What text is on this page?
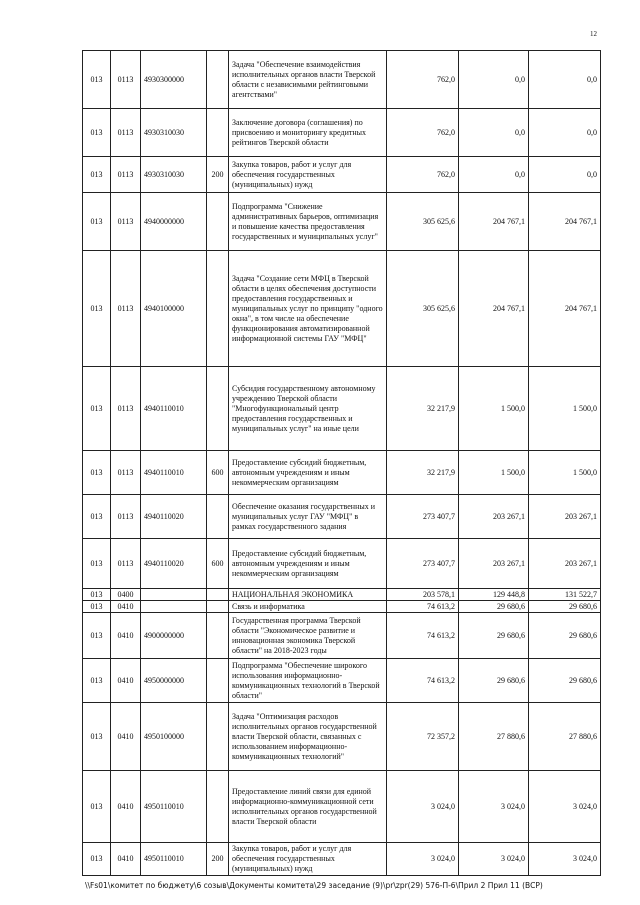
12
013	0113	4930300000		Задача "Обеспечение взаимодействия исполнительных органов власти Тверской области с независимыми рейтинговыми агентствами"	762,0	0,0	0,0
013	0113	4930310030		Заключение договора (соглашения) по присвоению и мониторингу кредитных рейтингов Тверской области	762,0	0,0	0,0
013	0113	4930310030	200	Закупка товаров, работ и услуг для обеспечения государственных (муниципальных) нужд	762,0	0,0	0,0
013	0113	4940000000		Подпрограмма "Снижение административных барьеров, оптимизация и повышение качества предоставления государственных и муниципальных услуг"	305 625,6	204 767,1	204 767,1
013	0113	4940100000		Задача "Создание сети МФЦ в Тверской области в целях обеспечения доступности предоставления государственных и муниципальных услуг по принципу "одного окна", в том числе на обеспечение функционирования автоматизированной информационной системы ГАУ "МФЦ"	305 625,6	204 767,1	204 767,1
013	0113	4940110010		Субсидия государственному автономному учреждению Тверской области "Многофункциональный центр предоставления государственных и муниципальных услуг" на иные цели	32 217,9	1 500,0	1 500,0
013	0113	4940110010	600	Предоставление субсидий бюджетным, автономным учреждениям и иным некоммерческим организациям	32 217,9	1 500,0	1 500,0
013	0113	4940110020		Обеспечение оказания государственных и муниципальных услуг ГАУ "МФЦ" в рамках государственного задания	273 407,7	203 267,1	203 267,1
013	0113	4940110020	600	Предоставление субсидий бюджетным, автономным учреждениям и иным некоммерческим организациям	273 407,7	203 267,1	203 267,1
013	0400			НАЦИОНАЛЬНАЯ ЭКОНОМИКА	203 578,1	129 448,8	131 522,7
013	0410			Связь и информатика	74 613,2	29 680,6	29 680,6
013	0410	4900000000		Государственная программа Тверской области "Экономическое развитие и инновационная экономика Тверской области" на 2018-2023 годы	74 613,2	29 680,6	29 680,6
013	0410	4950000000		Подпрограмма "Обеспечение широкого использования информационно-коммуникационных технологий в Тверской области"	74 613,2	29 680,6	29 680,6
013	0410	4950100000		Задача "Оптимизация расходов исполнительных органов государственной власти Тверской области, связанных с использованием информационно-коммуникационных технологий"	72 357,2	27 880,6	27 880,6
013	0410	4950110010		Предоставление линий связи для единой информационно-коммуникационной сети исполнительных органов государственной власти Тверской области	3 024,0	3 024,0	3 024,0
013	0410	4950110010	200	Закупка товаров, работ и услуг для обеспечения государственных (муниципальных) нужд	3 024,0	3 024,0	3 024,0
\\Fs01\комитет по бюджету\6 созыв\Документы комитета\29 заседание (9)\pr\zpr(29) 576-П-6\Прил 2 Прил 11 (ВСР)
